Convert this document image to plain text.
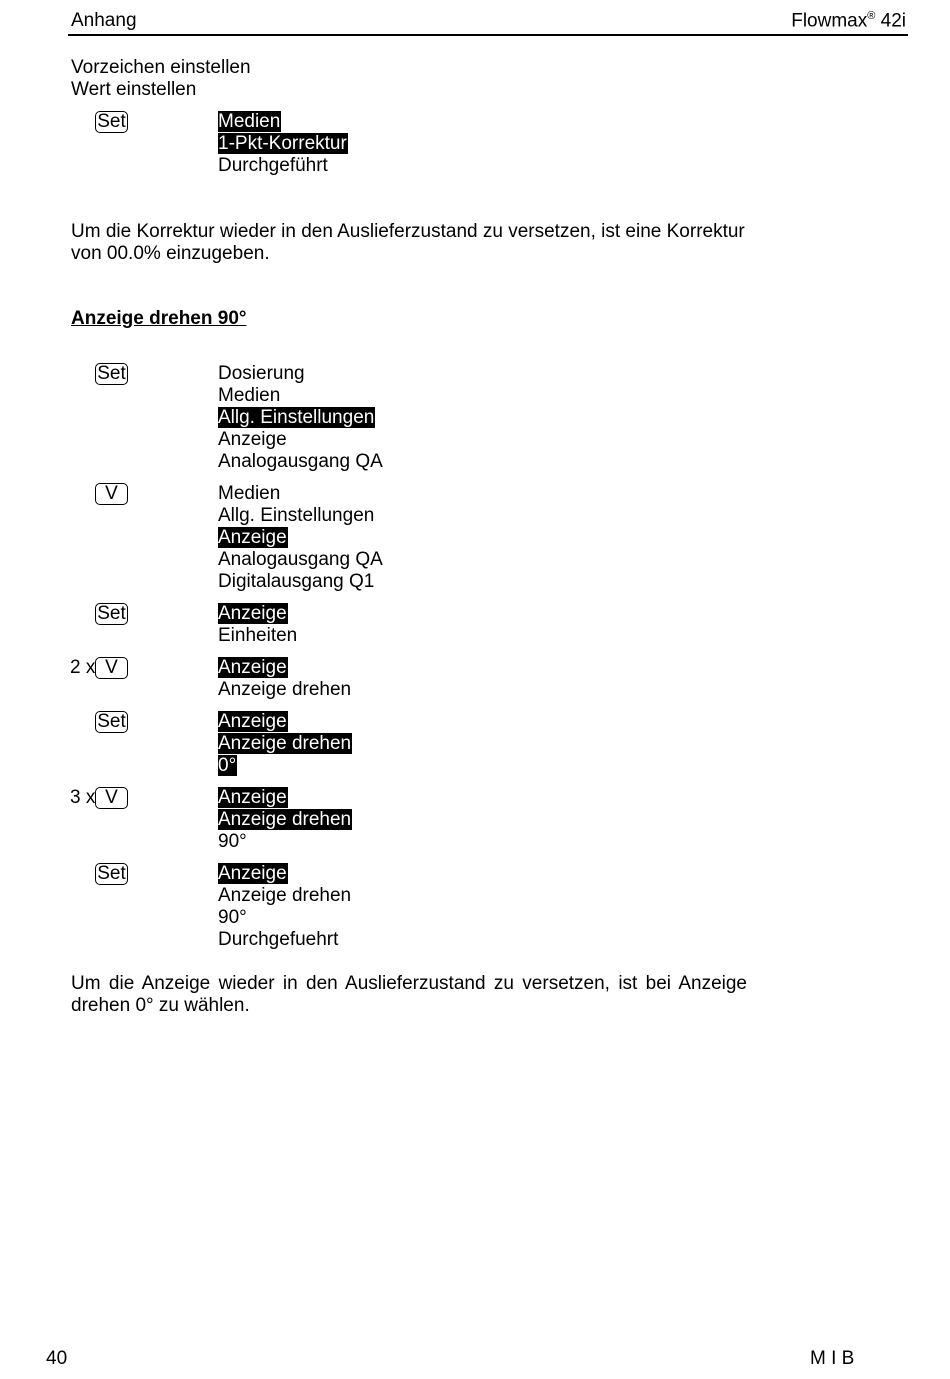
Anhang	Flowmax® 42i
Vorzeichen einstellen
Wert einstellen
Set	Medien
1-Pkt-Korrektur
Durchgeführt
Um die Korrektur wieder in den Auslieferzustand zu versetzen, ist eine Korrektur von 00.0% einzugeben.
Anzeige drehen 90°
Set	Dosierung
Medien
Allg. Einstellungen
Anzeige
Analogausgang QA
V	Medien
Allg. Einstellungen
Anzeige
Analogausgang QA
Digitalausgang Q1
Set	Anzeige
Einheiten
2 x V	Anzeige
Anzeige drehen
Set	Anzeige
Anzeige drehen
0°
3 x V	Anzeige
Anzeige drehen
90°
Set	Anzeige
Anzeige drehen
90°
Durchgefuehrt
Um die Anzeige wieder in den Auslieferzustand zu versetzen, ist bei Anzeige drehen 0° zu wählen.
40	M I B
